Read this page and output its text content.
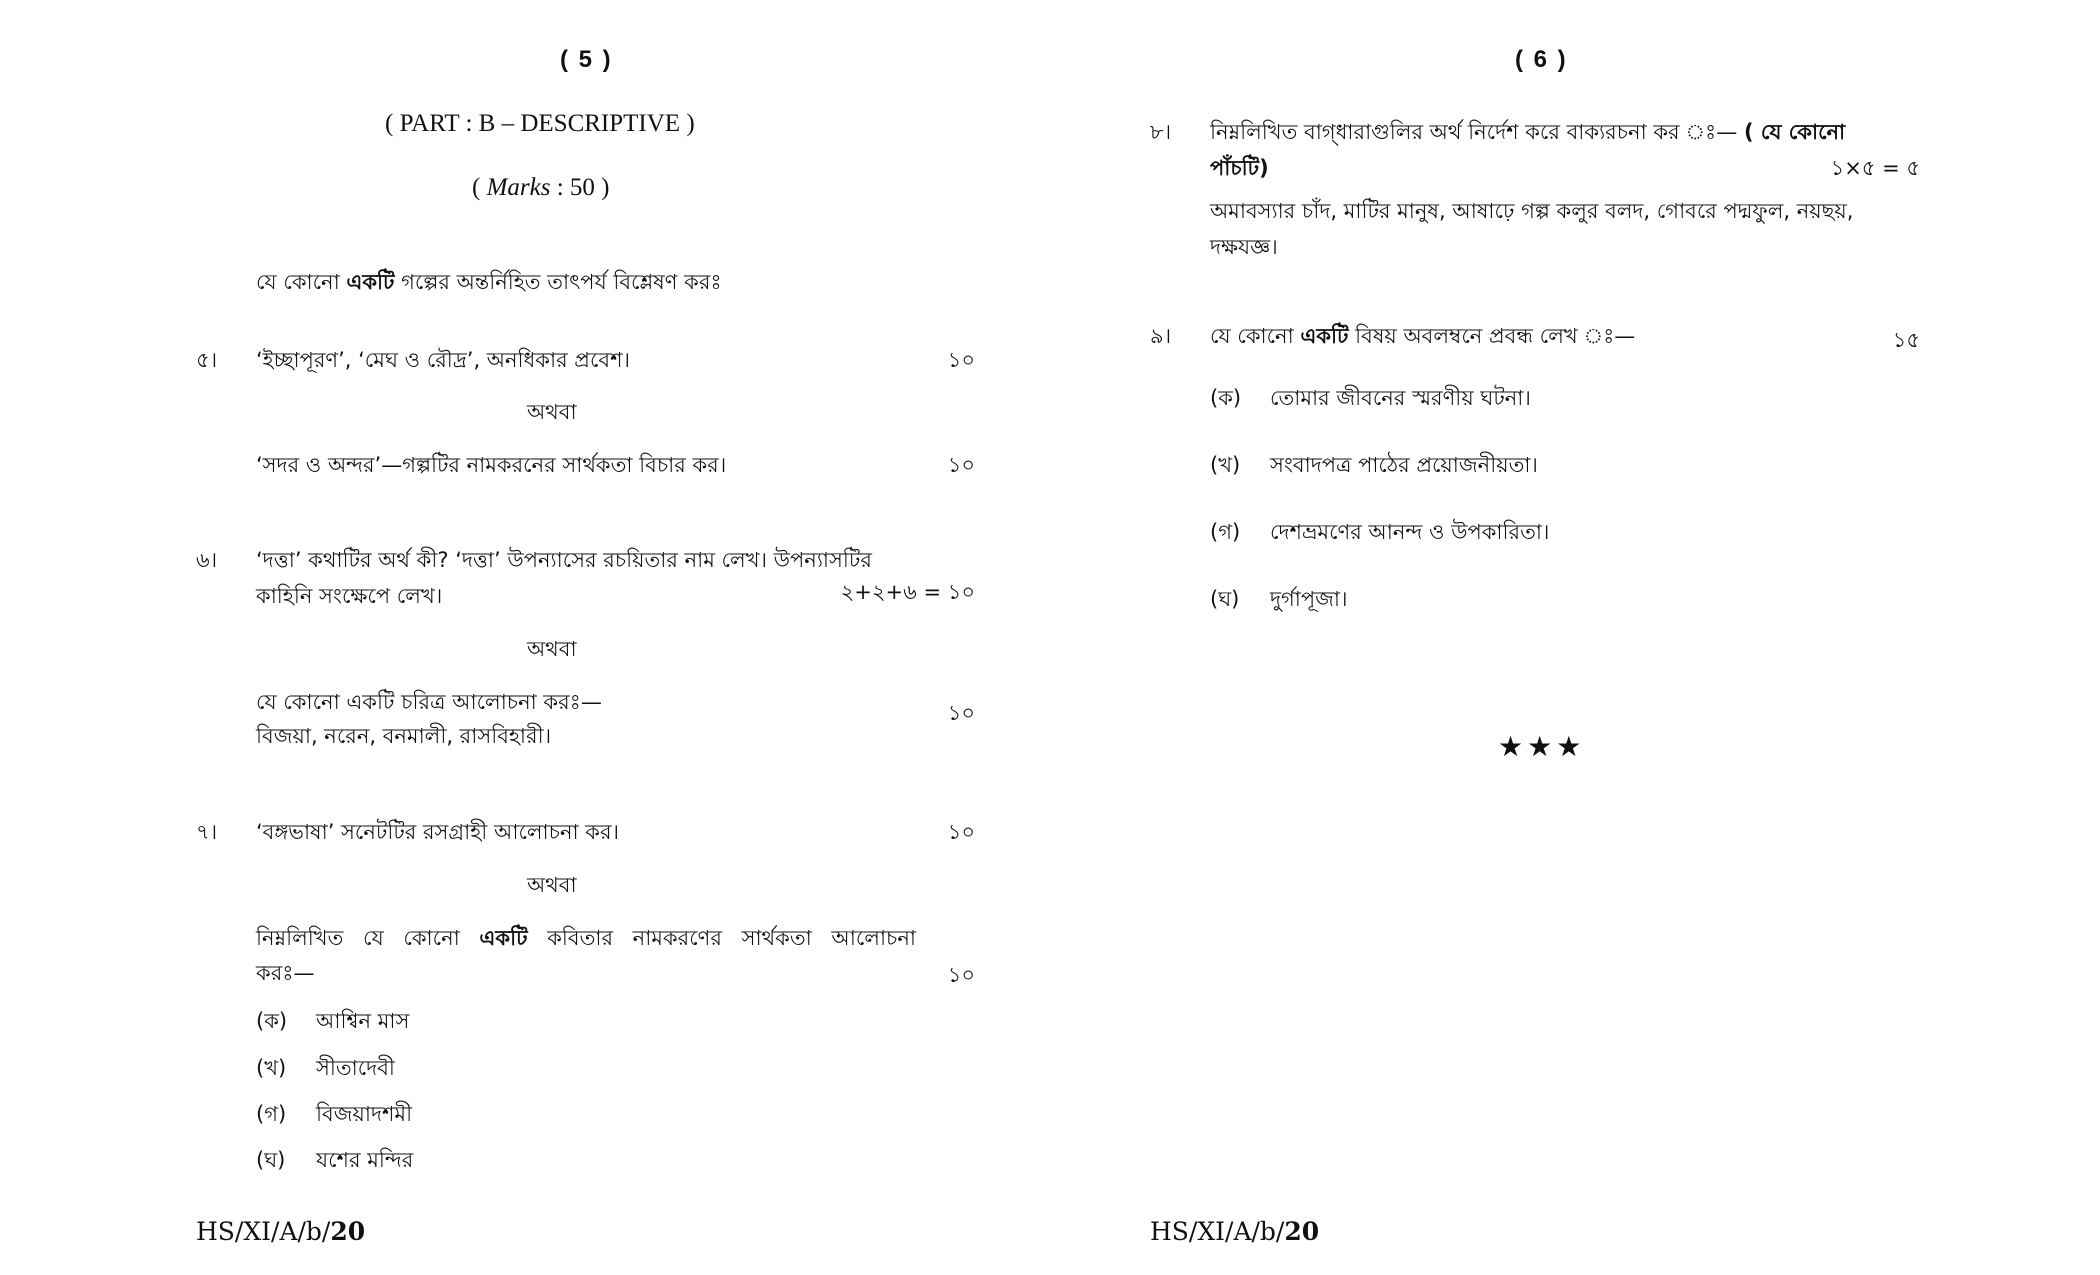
( 5 )
( PART : B – DESCRIPTIVE )
( Marks : 50 )
যে কোনো একটি গল্পের অন্তর্নিহিত তাৎপর্য বিশ্লেষণ করঃ
৫। ‘ইচ্ছাপূরণ’, ‘মেঘ ও রৌদ্র’, অনধিকার প্রবেশ।	১০
অথবা
‘সদর ও অন্দর’—গল্পটির নামকরনের সার্থকতা বিচার কর।	১০
৬। ‘দত্তা’ কথাটির অর্থ কী? ‘দত্তা’ উপন্যাসের রচয়িতার নাম লেখ। উপন্যাসটির
কাহিনি সংক্ষেপে লেখ।	২+২+৬ = ১০
অথবা
যে কোনো একটি চরিত্র আলোচনা করঃ—
বিজয়া, নরেন, বনমালী, রাসবিহারী।
১০
৭। ‘বঙ্গভাষা’ সনেটটির রসগ্রাহী আলোচনা কর।	১০
অথবা
নিম্নলিখিত যে কোনো একটি কবিতার নামকরণের সার্থকতা আলোচনা
করঃ—	১০
(ক) আশ্বিন মাস
(খ) সীতাদেবী
(গ) বিজয়াদশমী
(ঘ) যশের মন্দির
HS/XI/A/b/20
( 6 )
৮। নিম্নলিখিত বাগ্‌ধারাগুলির অর্থ নির্দেশ করে বাক্যরচনা কর ঃ— ( যে কোনো
পাঁচটি)	১×৫ = ৫
অমাবস্যার চাঁদ, মাটির মানুষ, আষাঢ়ে গল্প কলুর বলদ, গোবরে পদ্মফুল, নয়ছয়,
দক্ষযজ্ঞ।
৯। যে কোনো একটি বিষয় অবলম্বনে প্রবন্ধ লেখ ঃ—	১৫
(ক) তোমার জীবনের স্মরণীয় ঘটনা।
(খ) সংবাদপত্র পাঠের প্রয়োজনীয়তা।
(গ) দেশভ্রমণের আনন্দ ও উপকারিতা।
(ঘ) দুর্গাপূজা।
★★★
HS/XI/A/b/20
